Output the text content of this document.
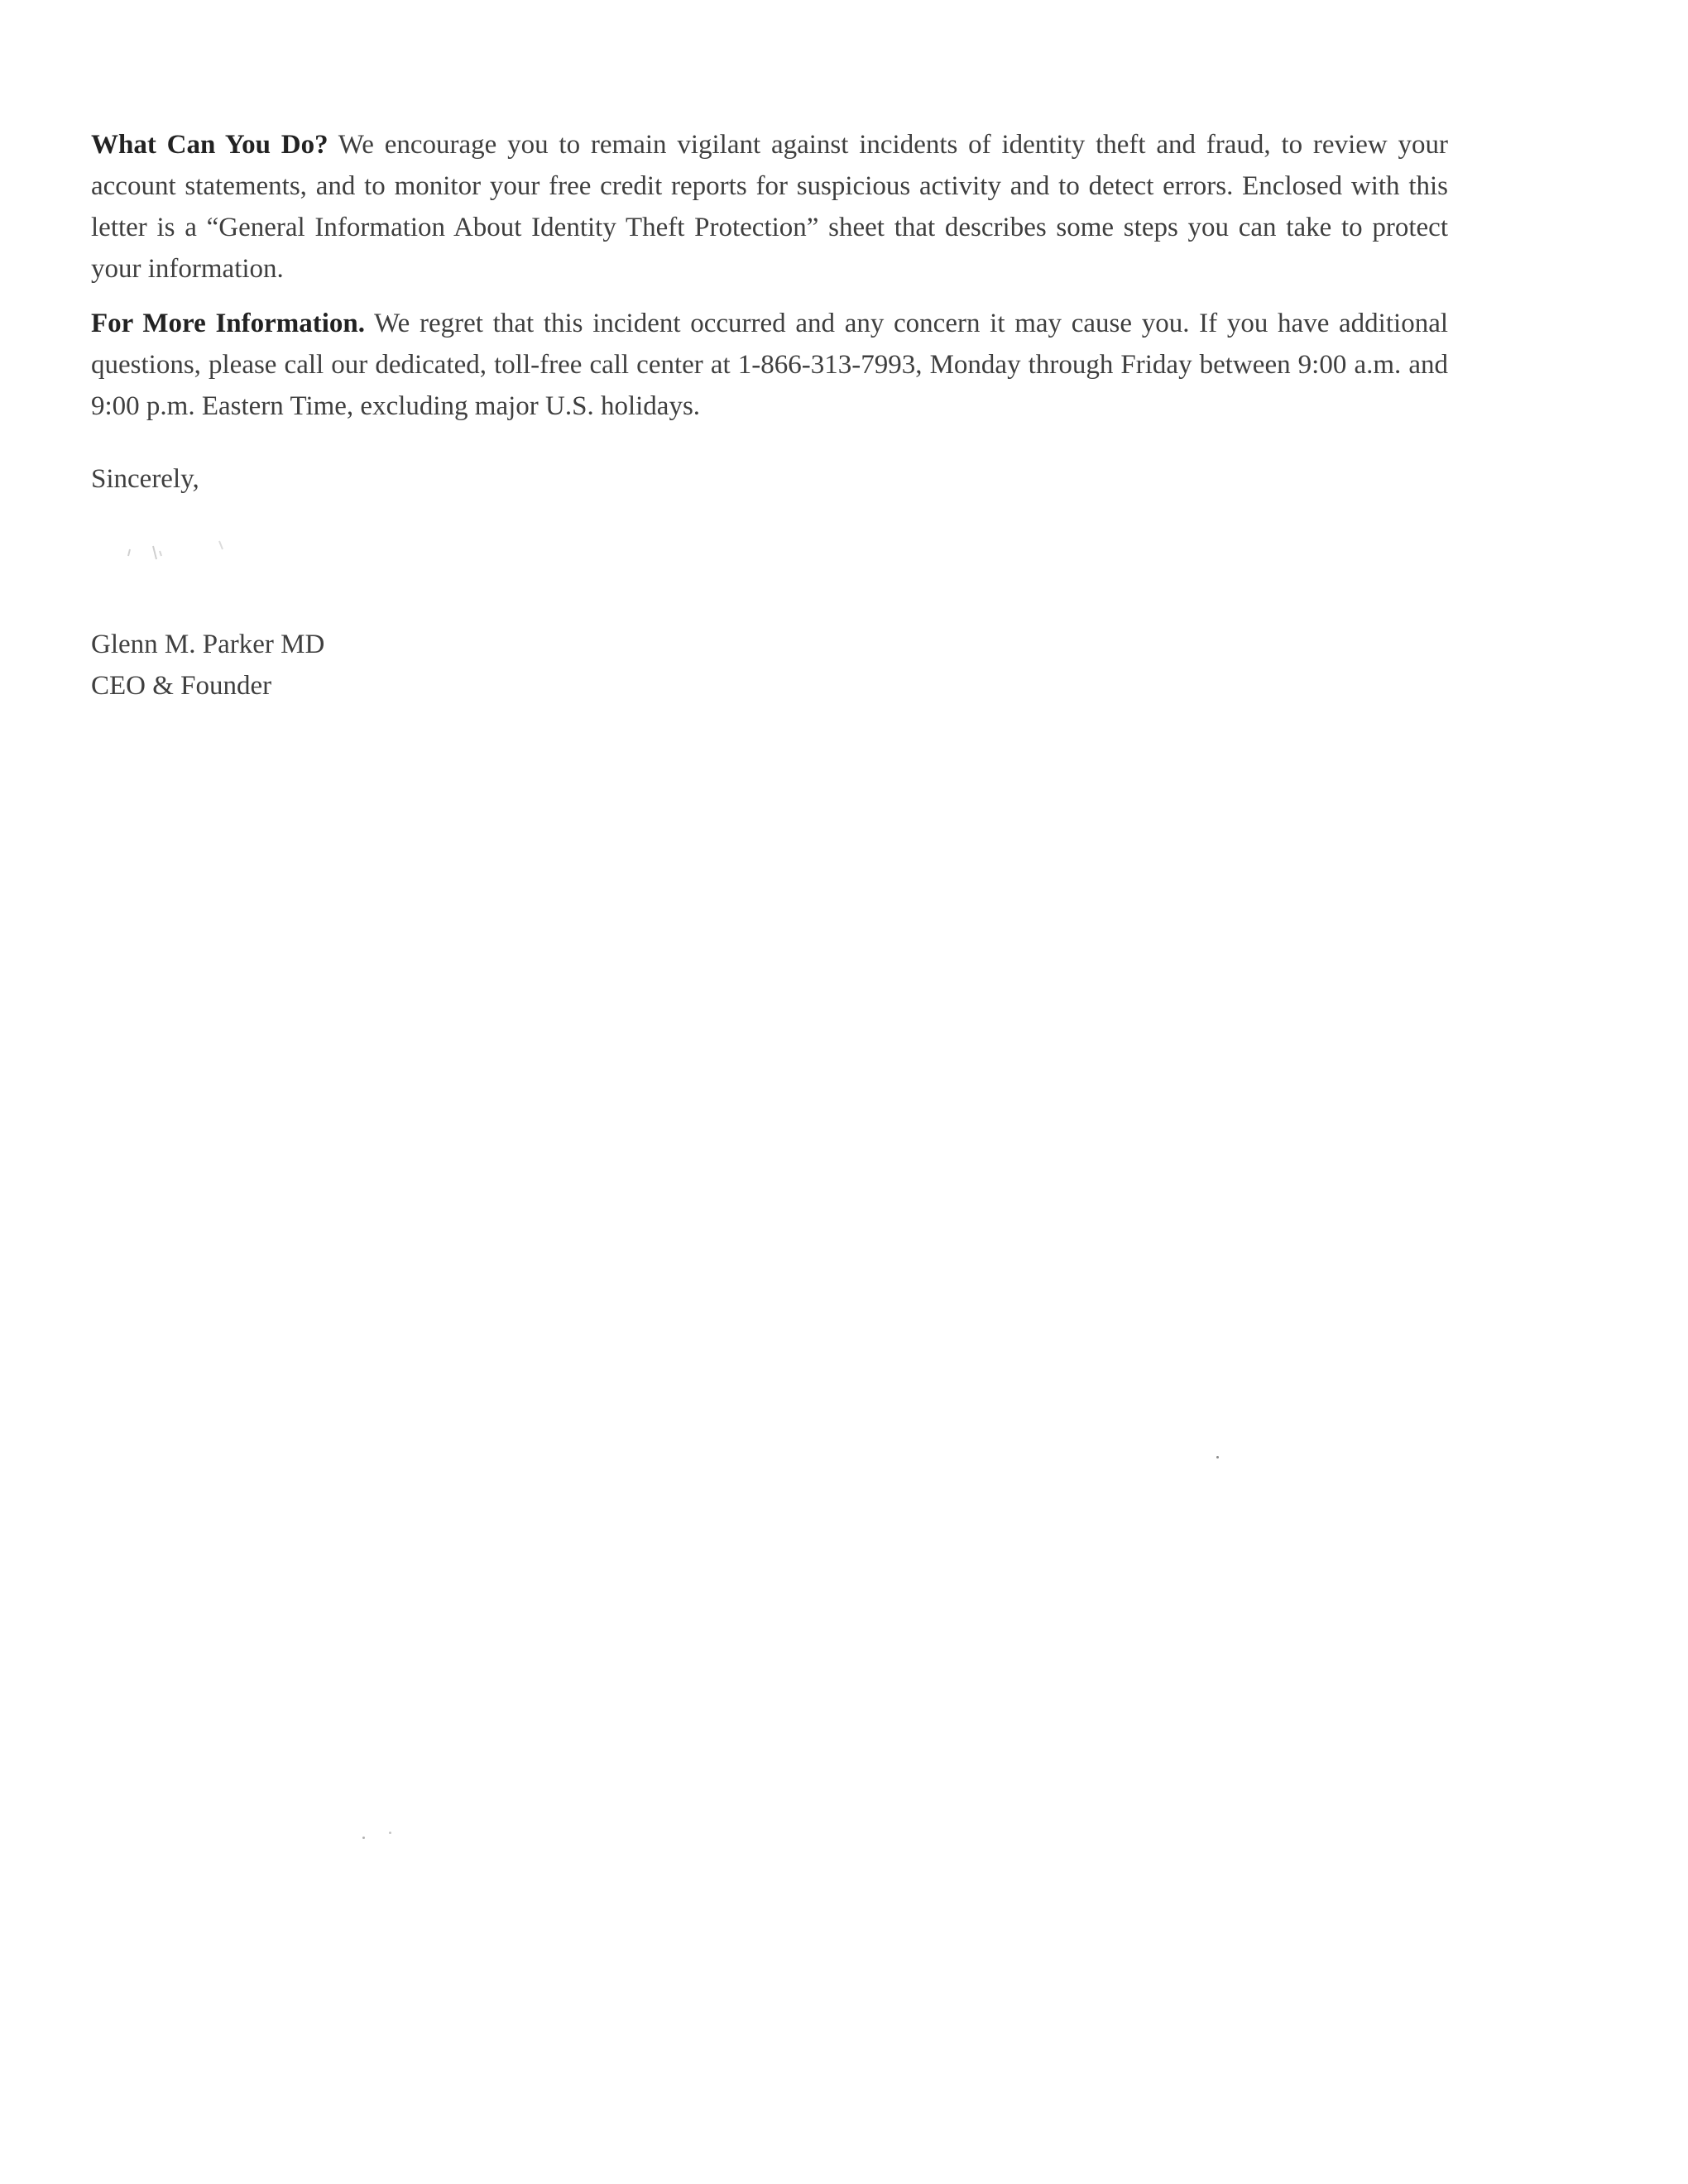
What Can You Do? We encourage you to remain vigilant against incidents of identity theft and fraud, to review your account statements, and to monitor your free credit reports for suspicious activity and to detect errors. Enclosed with this letter is a “General Information About Identity Theft Protection” sheet that describes some steps you can take to protect your information.

For More Information. We regret that this incident occurred and any concern it may cause you. If you have additional questions, please call our dedicated, toll-free call center at 1-866-313-7993, Monday through Friday between 9:00 a.m. and 9:00 p.m. Eastern Time, excluding major U.S. holidays.

Sincerely,
Glenn M. Parker MD
CEO & Founder
